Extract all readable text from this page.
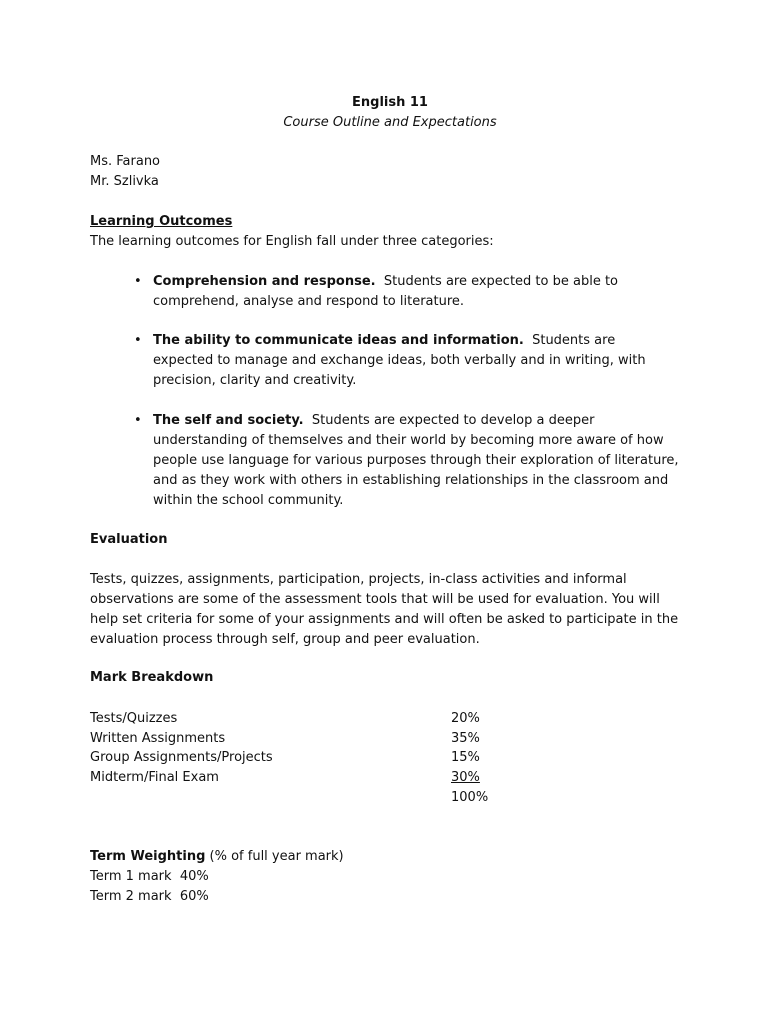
English 11
Course Outline and Expectations
Ms. Farano
Mr. Szlivka
Learning Outcomes
The learning outcomes for English fall under three categories:
• Comprehension and response. Students are expected to be able to comprehend, analyse and respond to literature.
• The ability to communicate ideas and information. Students are expected to manage and exchange ideas, both verbally and in writing, with precision, clarity and creativity.
• The self and society. Students are expected to develop a deeper understanding of themselves and their world by becoming more aware of how people use language for various purposes through their exploration of literature, and as they work with others in establishing relationships in the classroom and within the school community.
Evaluation
Tests, quizzes, assignments, participation, projects, in-class activities and informal observations are some of the assessment tools that will be used for evaluation. You will help set criteria for some of your assignments and will often be asked to participate in the evaluation process through self, group and peer evaluation.
Mark Breakdown
Tests/Quizzes	20%
Written Assignments	35%
Group Assignments/Projects	15%
Midterm/Final Exam	30%
100%
Term Weighting (% of full year mark)
Term 1 mark 40%
Term 2 mark 60%
